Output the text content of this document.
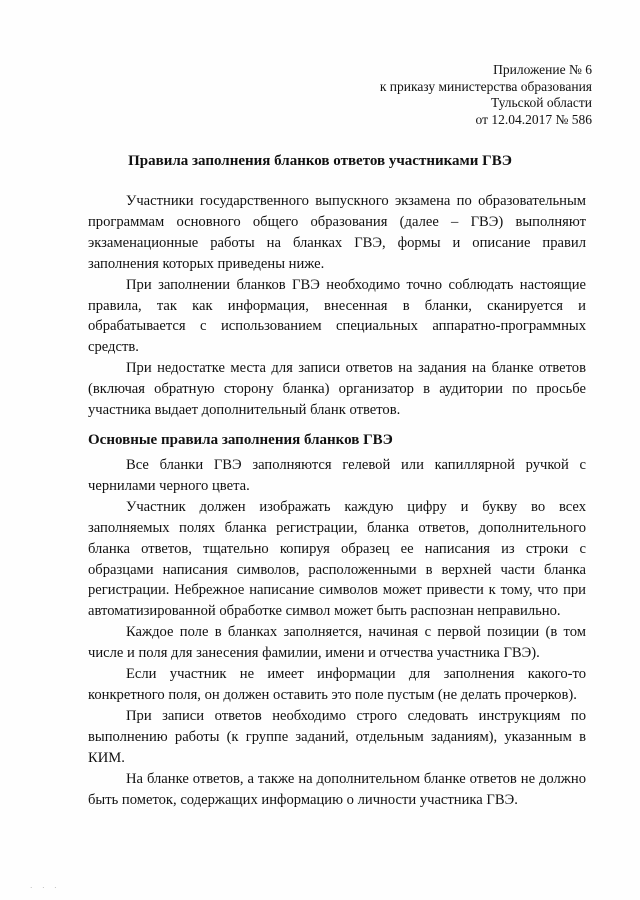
Приложение № 6
к приказу министерства образования
Тульской области
от 12.04.2017 № 586
Правила заполнения бланков ответов участниками ГВЭ

Участники государственного выпускного экзамена по образовательным программам основного общего образования (далее – ГВЭ) выполняют экзаменационные работы на бланках ГВЭ, формы и описание правил заполнения которых приведены ниже.

При заполнении бланков ГВЭ необходимо точно соблюдать настоящие правила, так как информация, внесенная в бланки, сканируется и обрабатывается с использованием специальных аппаратно-программных средств.

При недостатке места для записи ответов на задания на бланке ответов (включая обратную сторону бланка) организатор в аудитории по просьбе участника выдает дополнительный бланк ответов.

Основные правила заполнения бланков ГВЭ

Все бланки ГВЭ заполняются гелевой или капиллярной ручкой с чернилами черного цвета.

Участник должен изображать каждую цифру и букву во всех заполняемых полях бланка регистрации, бланка ответов, дополнительного бланка ответов, тщательно копируя образец ее написания из строки с образцами написания символов, расположенными в верхней части бланка регистрации. Небрежное написание символов может привести к тому, что при автоматизированной обработке символ может быть распознан неправильно.

Каждое поле в бланках заполняется, начиная с первой позиции (в том числе и поля для занесения фамилии, имени и отчества участника ГВЭ).

Если участник не имеет информации для заполнения какого-то конкретного поля, он должен оставить это поле пустым (не делать прочерков).

При записи ответов необходимо строго следовать инструкциям по выполнению работы (к группе заданий, отдельным заданиям), указанным в КИМ.

На бланке ответов, а также на дополнительном бланке ответов не должно быть пометок, содержащих информацию о личности участника ГВЭ.

· · ·
